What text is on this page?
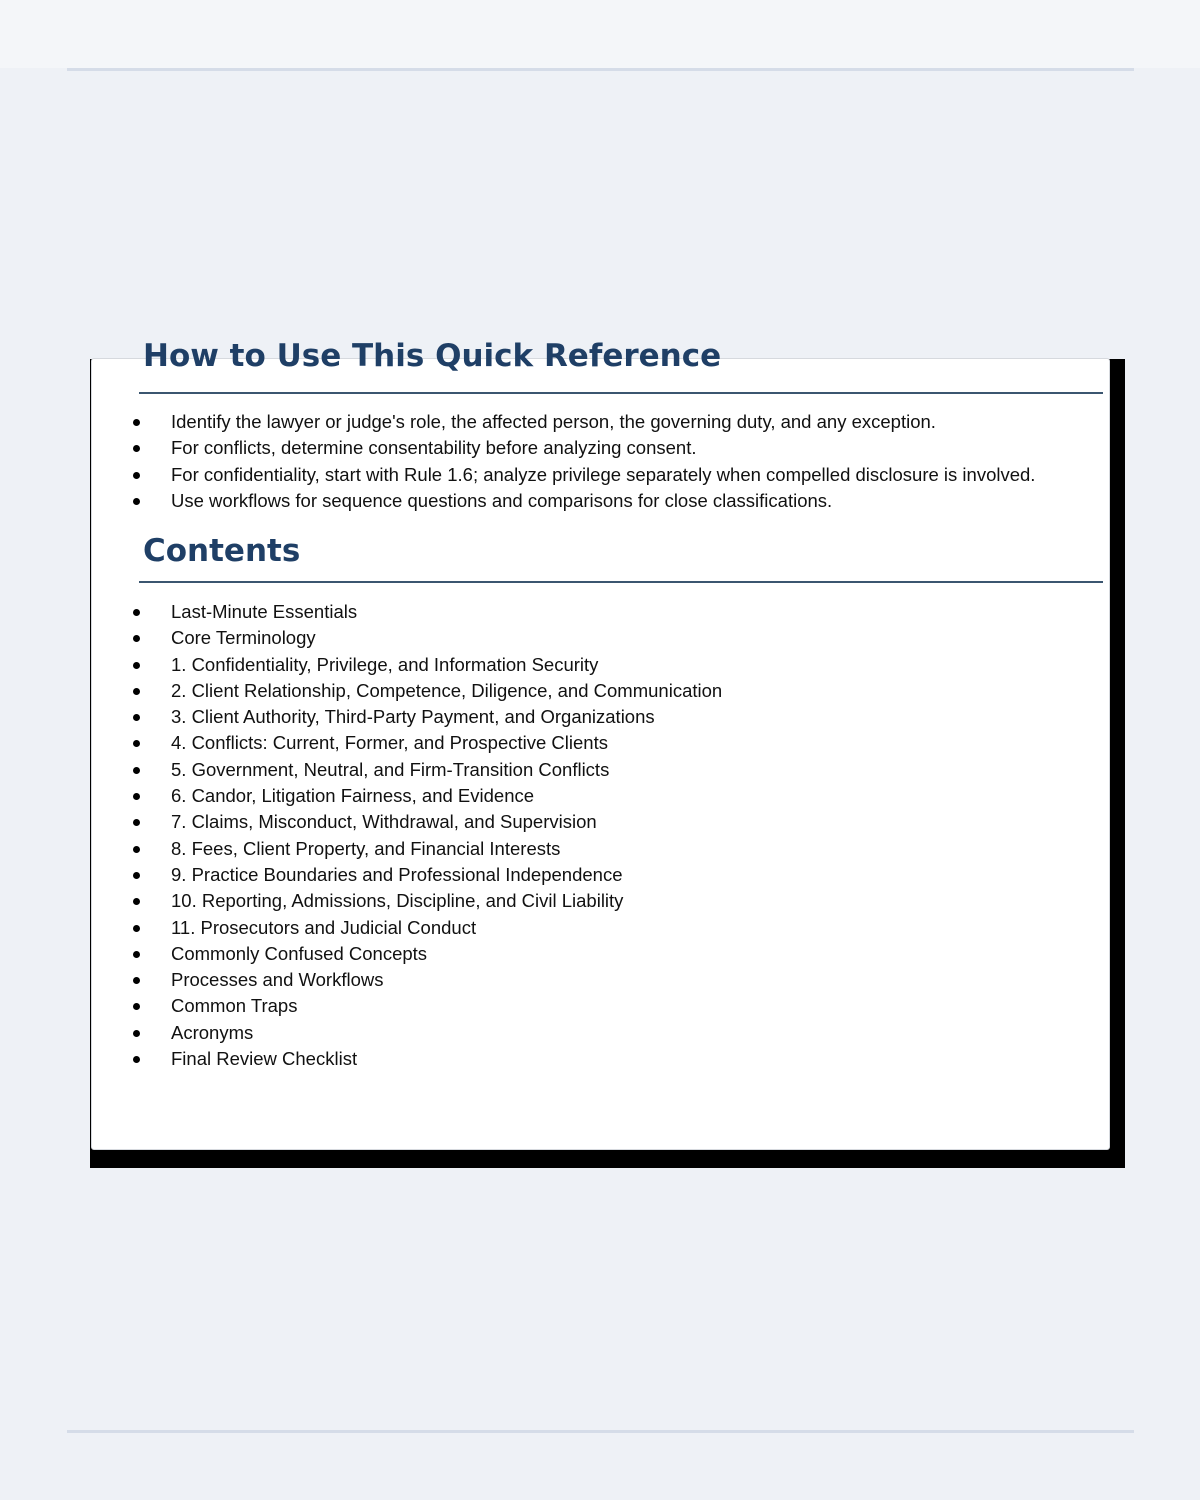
How to Use This Quick Reference
Identify the lawyer or judge's role, the affected person, the governing duty, and any exception.
For conflicts, determine consentability before analyzing consent.
For confidentiality, start with Rule 1.6; analyze privilege separately when compelled disclosure is involved.
Use workflows for sequence questions and comparisons for close classifications.
Contents
Last-Minute Essentials
Core Terminology
1. Confidentiality, Privilege, and Information Security
2. Client Relationship, Competence, Diligence, and Communication
3. Client Authority, Third-Party Payment, and Organizations
4. Conflicts: Current, Former, and Prospective Clients
5. Government, Neutral, and Firm-Transition Conflicts
6. Candor, Litigation Fairness, and Evidence
7. Claims, Misconduct, Withdrawal, and Supervision
8. Fees, Client Property, and Financial Interests
9. Practice Boundaries and Professional Independence
10. Reporting, Admissions, Discipline, and Civil Liability
11. Prosecutors and Judicial Conduct
Commonly Confused Concepts
Processes and Workflows
Common Traps
Acronyms
Final Review Checklist
